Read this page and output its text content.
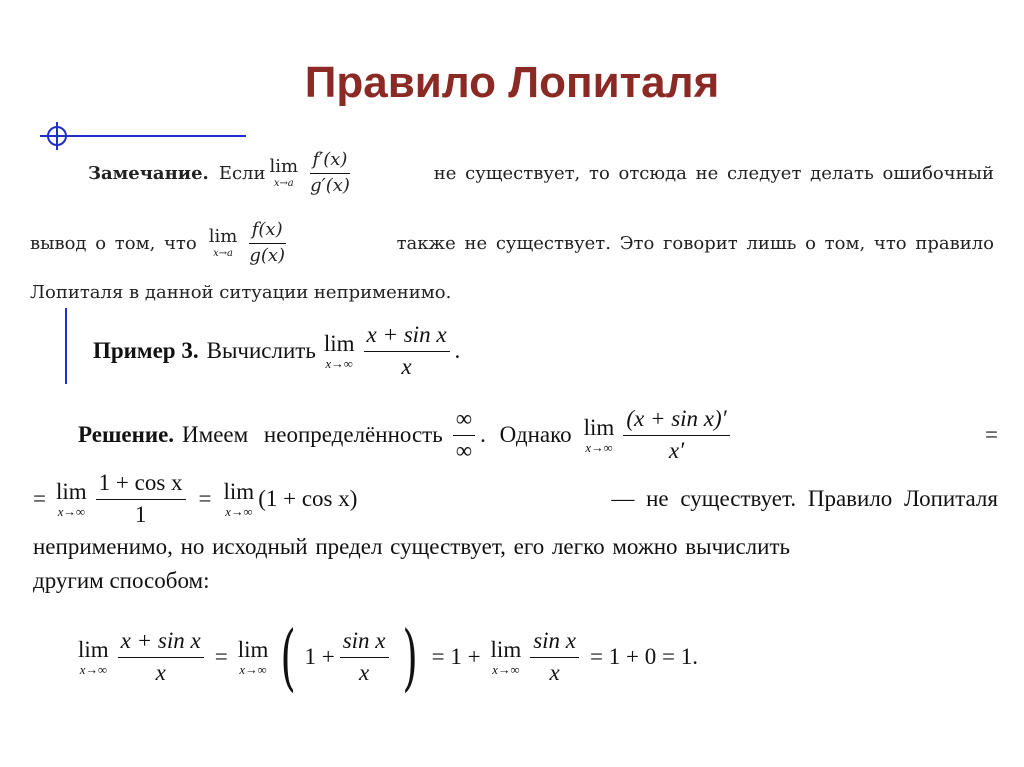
Правило Лопиталя
Замечание. Если lim
$x\to a \frac{f'(x)}{g'(x)}$	не существует, то отсюда не следует делать ошибочный
вывод о том, что lim
$x\to a \frac{f(x)}{g(x)}$	также не существует. Это говорит лишь о том, что правило
Лопиталя в данной ситуации неприменимо.
Пример 3. Вычислить lim
$x\to\infty \frac{\text{x + sin x}}{x}$ .
Решение. Имеем неопределённость $\frac{\infty}{\infty}$ . Однако lim
$x\to\infty \frac{\text{(x + sin x)′}}{x'}$	=
= lim
$x\to\infty \frac{\text{1 + cos x}}{1} = \lim$
x→∞
(1 + cos x)	— не существует. Правило Лопиталя
неприменимо, но исходный предел существует, его легко можно вычислить
другим способом:
lim
$x\to\infty \frac{\text{x + sin x}}{x} = \lim$
x→∞ ( $1 + \frac{\text{sin x}}{x}$ ) = 1 + lim
$x\to\infty \frac{\text{sin x}}{x} = 1 + 0 = 1$.
